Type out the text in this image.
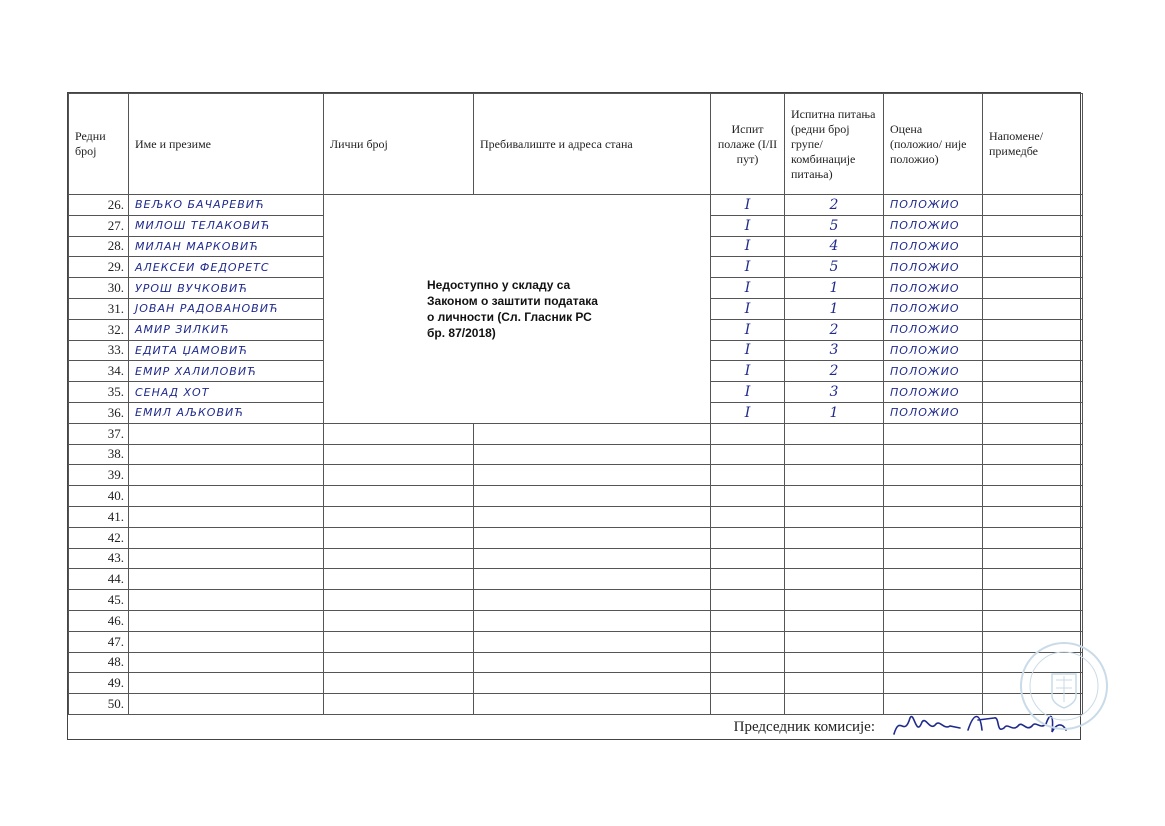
Редни број	Име и презиме	Лични број	Пребивалиште и адреса стана	Испит полаже (I/II пут)	Испитна питања (редни број групе/ комбинације питања)	Оцена (положио/ није положио)	Напомене/ примедбе
26.	ВЕЉКО БАЧАРЕВИЋ	Недоступно у складу са Законом о заштити података о личности (Сл. Гласник РС бр. 87/2018)		I	2	ПОЛОЖИО	
27.	МИЛОШ ТЕЛАКОВИЋ			I	5	ПОЛОЖИО	
28.	МИЛАН МАРКОВИЋ			I	4	ПОЛОЖИО	
29.	АЛЕКСЕИ ФЕДОРЕТС			I	5	ПОЛОЖИО	
30.	УРОШ ВУЧКОВИЋ			I	1	ПОЛОЖИО	
31.	ЈОВАН РАДОВАНОВИЋ			I	1	ПОЛОЖИО	
32.	АМИР ЗИЛКИЋ			I	2	ПОЛОЖИО	
33.	ЕДИТА ЏАМОВИЋ			I	3	ПОЛОЖИО	
34.	ЕМИР ХАЛИЛОВИЋ			I	2	ПОЛОЖИО	
35.	СЕНАД ХОТ			I	3	ПОЛОЖИО	
36.	ЕМИЛ АЉКОВИЋ			I	1	ПОЛОЖИО	
37.							
38.							
39.							
40.							
41.							
42.							
43.							
44.							
45.							
46.							
47.							
48.							
49.							
50.							
Председник комисије:
